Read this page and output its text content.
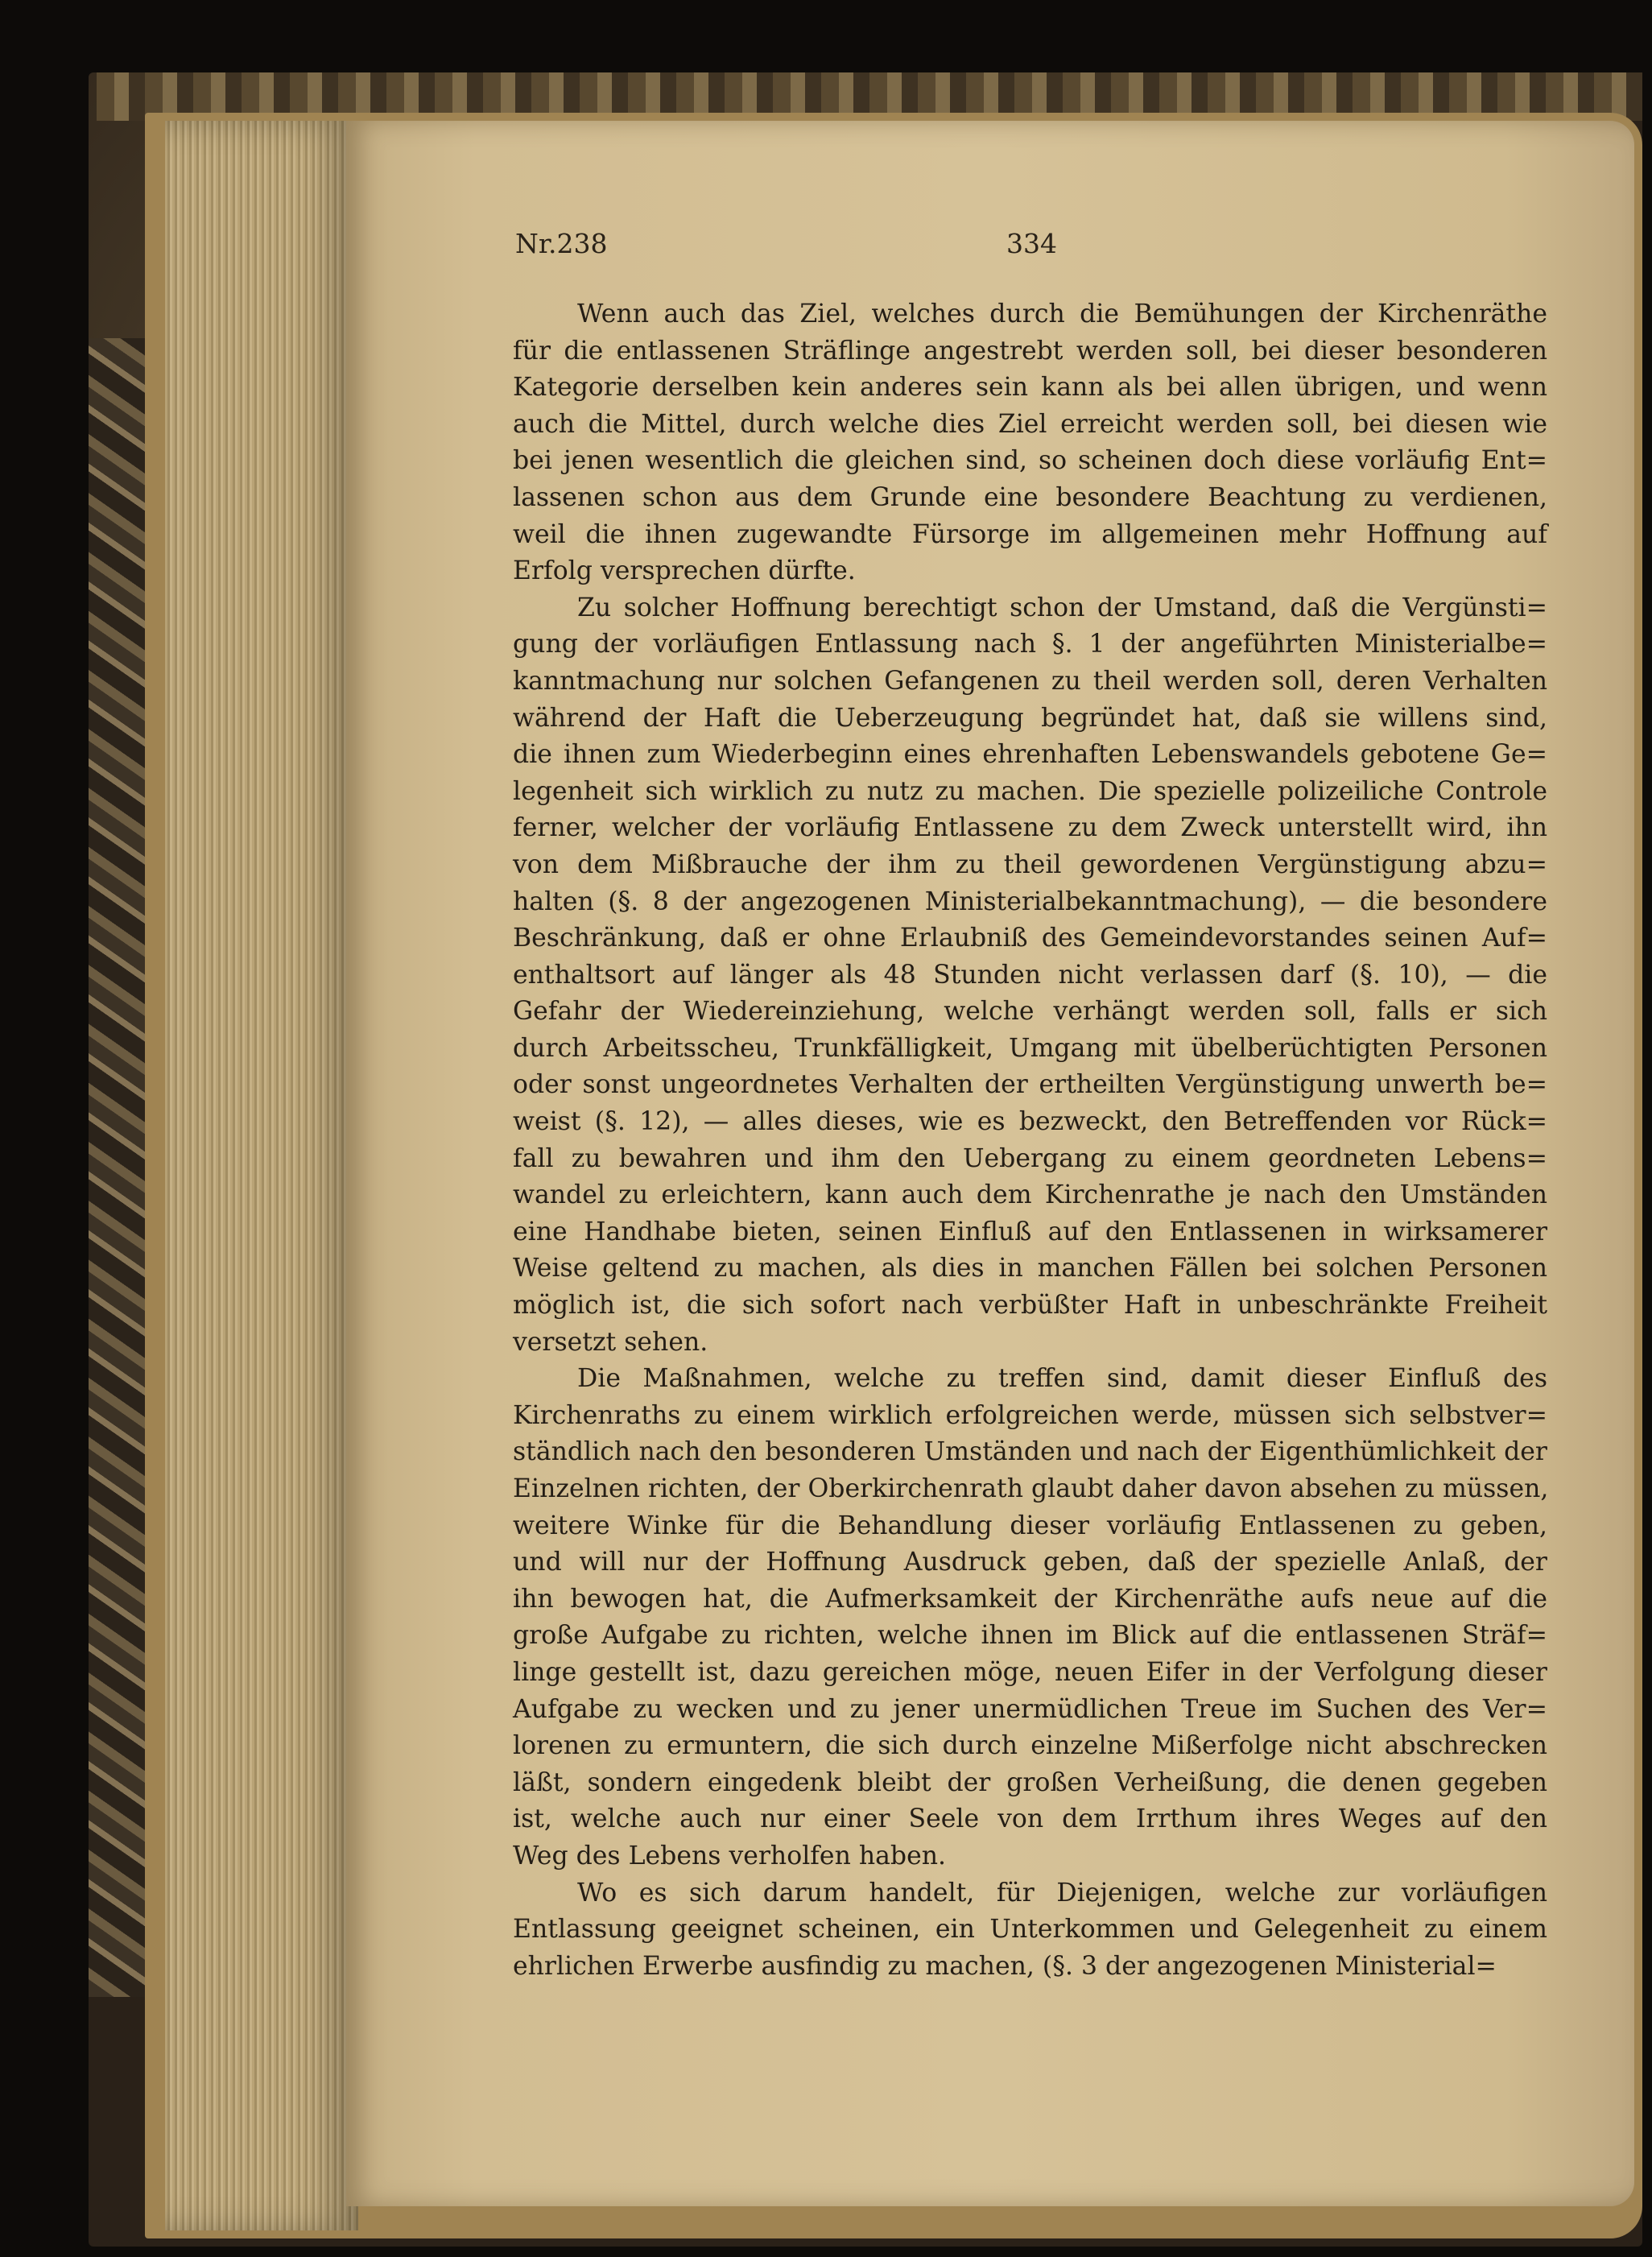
Nr.238	334
Wenn auch das Ziel, welches durch die Bemühungen der Kirchenräthe
für die entlassenen Sträflinge angestrebt werden soll, bei dieser besonderen
Kategorie derselben kein anderes sein kann als bei allen übrigen, und wenn
auch die Mittel, durch welche dies Ziel erreicht werden soll, bei diesen wie
bei jenen wesentlich die gleichen sind, so scheinen doch diese vorläufig Ent=
lassenen schon aus dem Grunde eine besondere Beachtung zu verdienen,
weil die ihnen zugewandte Fürsorge im allgemeinen mehr Hoffnung auf
Erfolg versprechen dürfte.
Zu solcher Hoffnung berechtigt schon der Umstand, daß die Vergünsti=
gung der vorläufigen Entlassung nach §. 1 der angeführten Ministerialbe=
kanntmachung nur solchen Gefangenen zu theil werden soll, deren Verhalten
während der Haft die Ueberzeugung begründet hat, daß sie willens sind,
die ihnen zum Wiederbeginn eines ehrenhaften Lebenswandels gebotene Ge=
legenheit sich wirklich zu nutz zu machen. Die spezielle polizeiliche Controle
ferner, welcher der vorläufig Entlassene zu dem Zweck unterstellt wird, ihn
von dem Mißbrauche der ihm zu theil gewordenen Vergünstigung abzu=
halten (§. 8 der angezogenen Ministerialbekanntmachung), — die besondere
Beschränkung, daß er ohne Erlaubniß des Gemeindevorstandes seinen Auf=
enthaltsort auf länger als 48 Stunden nicht verlassen darf (§. 10), — die
Gefahr der Wiedereinziehung, welche verhängt werden soll, falls er sich
durch Arbeitsscheu, Trunkfälligkeit, Umgang mit übelberüchtigten Personen
oder sonst ungeordnetes Verhalten der ertheilten Vergünstigung unwerth be=
weist (§. 12), — alles dieses, wie es bezweckt, den Betreffenden vor Rück=
fall zu bewahren und ihm den Uebergang zu einem geordneten Lebens=
wandel zu erleichtern, kann auch dem Kirchenrathe je nach den Umständen
eine Handhabe bieten, seinen Einfluß auf den Entlassenen in wirksamerer
Weise geltend zu machen, als dies in manchen Fällen bei solchen Personen
möglich ist, die sich sofort nach verbüßter Haft in unbeschränkte Freiheit
versetzt sehen.
Die Maßnahmen, welche zu treffen sind, damit dieser Einfluß des
Kirchenraths zu einem wirklich erfolgreichen werde, müssen sich selbstver=
ständlich nach den besonderen Umständen und nach der Eigenthümlichkeit der
Einzelnen richten, der Oberkirchenrath glaubt daher davon absehen zu müssen,
weitere Winke für die Behandlung dieser vorläufig Entlassenen zu geben,
und will nur der Hoffnung Ausdruck geben, daß der spezielle Anlaß, der
ihn bewogen hat, die Aufmerksamkeit der Kirchenräthe aufs neue auf die
große Aufgabe zu richten, welche ihnen im Blick auf die entlassenen Sträf=
linge gestellt ist, dazu gereichen möge, neuen Eifer in der Verfolgung dieser
Aufgabe zu wecken und zu jener unermüdlichen Treue im Suchen des Ver=
lorenen zu ermuntern, die sich durch einzelne Mißerfolge nicht abschrecken
läßt, sondern eingedenk bleibt der großen Verheißung, die denen gegeben
ist, welche auch nur einer Seele von dem Irrthum ihres Weges auf den
Weg des Lebens verholfen haben.
Wo es sich darum handelt, für Diejenigen, welche zur vorläufigen
Entlassung geeignet scheinen, ein Unterkommen und Gelegenheit zu einem
ehrlichen Erwerbe ausfindig zu machen, (§. 3 der angezogenen Ministerial=
